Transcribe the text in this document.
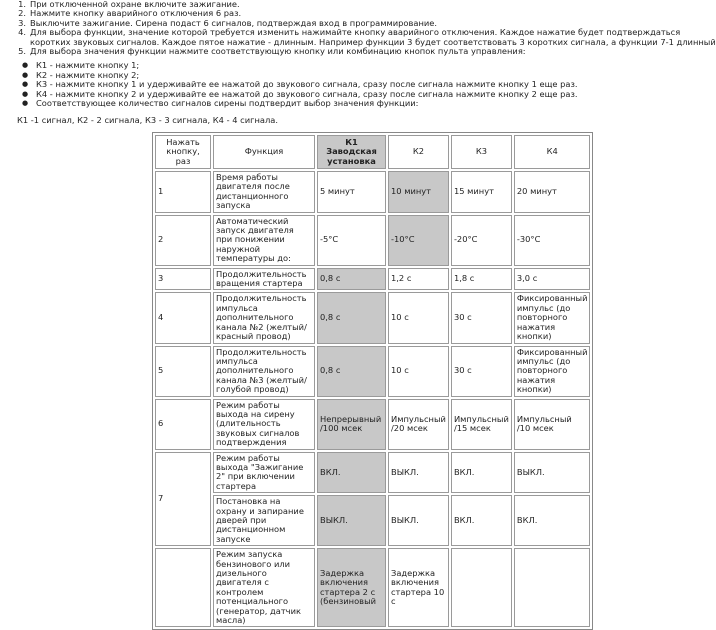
1. При отключенной охране включите зажигание.
2. Нажмите кнопку аварийного отключения 6 раз.
3. Выключите зажигание. Сирена подаст 6 сигналов, подтверждая вход в программирование.
4. Для выбора функции, значение которой требуется изменить нажимайте кнопку аварийного отключения. Каждое нажатие будет подтверждаться
коротких звуковых сигналов. Каждое пятое нажатие - длинным. Например функции 3 будет соответствовать 3 коротких сигнала, а функции 7-1 длинный
5. Для выбора значения функции нажмите соответствующую кнопку или комбинацию кнопок пульта управления:
● К1 - нажмите кнопку 1;
● К2 - нажмите кнопку 2;
● К3 - нажмите кнопку 1 и удерживайте ее нажатой до звукового сигнала, сразу после сигнала нажмите кнопку 1 еще раз.
● К4 - нажмите кнопку 2 и удерживайте ее нажатой до звукового сигнала, сразу после сигнала нажмите кнопку 2 еще раз.
● Соответствующее количество сигналов сирены подтвердит выбор значения функции:
К1 -1 сигнал, К2 - 2 сигнала, К3 - 3 сигнала, К4 - 4 сигнала.
Нажать кнопку, раз	Функция	К1 Заводская установка	К2	К3	К4
1	Время работы двигателя после дистанционного запуска	5 минут	10 минут	15 минут	20 минут
2	Автоматический запуск двигателя при понижении наружной температуры до:	-5°С	-10°С	-20°С	-30°С
3	Продолжительность вращения стартера	0,8 с	1,2 с	1,8 с	3,0 с
4	Продолжительность импульса дополнительного канала №2 (желтый/красный провод)	0,8 с	10 с	30 с	Фиксированный импульс (до повторного нажатия кнопки)
5	Продолжительность импульса дополнительного канала №3 (желтый/голубой провод)	0,8 с	10 с	30 с	Фиксированный импульс (до повторного нажатия кнопки)
6	Режим работы выхода на сирену (длительность звуковых сигналов подтверждения	Непрерывный /100 мсек	Импульсный /20 мсек	Импульсный /15 мсек	Импульсный /10 мсек
7	Режим работы выхода "Зажигание 2" при включении стартера	ВКЛ.	ВЫКЛ.	ВКЛ.	ВЫКЛ.
	Постановка на охрану и запирание дверей при дистанционном запуске	ВЫКЛ.	ВЫКЛ.	ВКЛ.	ВКЛ.
	Режим запуска бензинового или дизельного двигателя с контролем потенциального (генератор, датчик масла)	Задержка включения стартера 2 с (бензиновый	Задержка включения стартера 10 с		
